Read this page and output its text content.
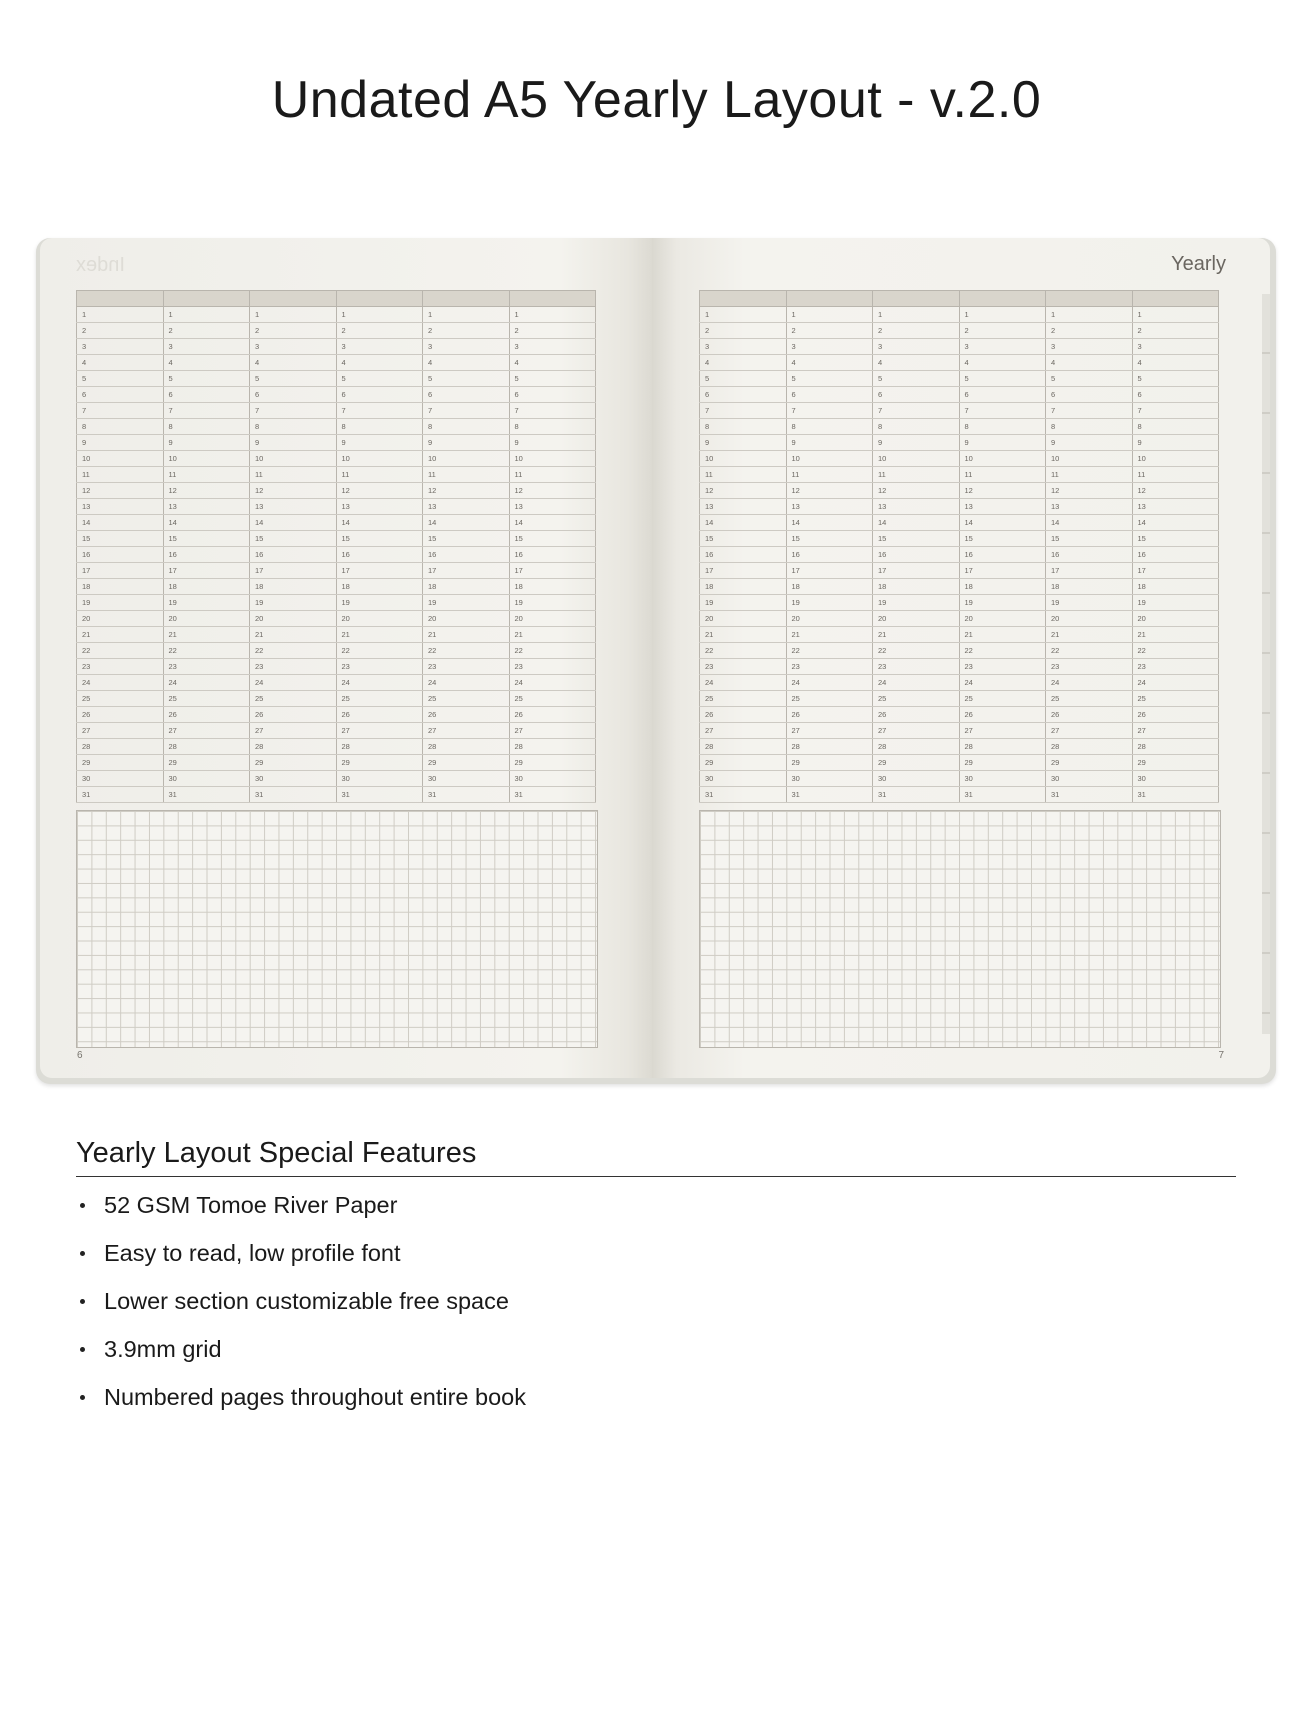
Undated A5 Yearly Layout - v.2.0
Index

1	1	1	1	1	1
2	2	2	2	2	2
3	3	3	3	3	3
4	4	4	4	4	4
5	5	5	5	5	5
6	6	6	6	6	6
7	7	7	7	7	7
8	8	8	8	8	8
9	9	9	9	9	9
10	10	10	10	10	10
11	11	11	11	11	11
12	12	12	12	12	12
13	13	13	13	13	13
14	14	14	14	14	14
15	15	15	15	15	15
16	16	16	16	16	16
17	17	17	17	17	17
18	18	18	18	18	18
19	19	19	19	19	19
20	20	20	20	20	20
21	21	21	21	21	21
22	22	22	22	22	22
23	23	23	23	23	23
24	24	24	24	24	24
25	25	25	25	25	25
26	26	26	26	26	26
27	27	27	27	27	27
28	28	28	28	28	28
29	29	29	29	29	29
30	30	30	30	30	30
31	31	31	31	31	31
6
Yearly

1	1	1	1	1	1
2	2	2	2	2	2
3	3	3	3	3	3
4	4	4	4	4	4
5	5	5	5	5	5
6	6	6	6	6	6
7	7	7	7	7	7
8	8	8	8	8	8
9	9	9	9	9	9
10	10	10	10	10	10
11	11	11	11	11	11
12	12	12	12	12	12
13	13	13	13	13	13
14	14	14	14	14	14
15	15	15	15	15	15
16	16	16	16	16	16
17	17	17	17	17	17
18	18	18	18	18	18
19	19	19	19	19	19
20	20	20	20	20	20
21	21	21	21	21	21
22	22	22	22	22	22
23	23	23	23	23	23
24	24	24	24	24	24
25	25	25	25	25	25
26	26	26	26	26	26
27	27	27	27	27	27
28	28	28	28	28	28
29	29	29	29	29	29
30	30	30	30	30	30
31	31	31	31	31	31
7
Yearly Layout Special Features
52 GSM Tomoe River Paper
Easy to read, low profile font
Lower section customizable free space
3.9mm grid
Numbered pages throughout entire book
